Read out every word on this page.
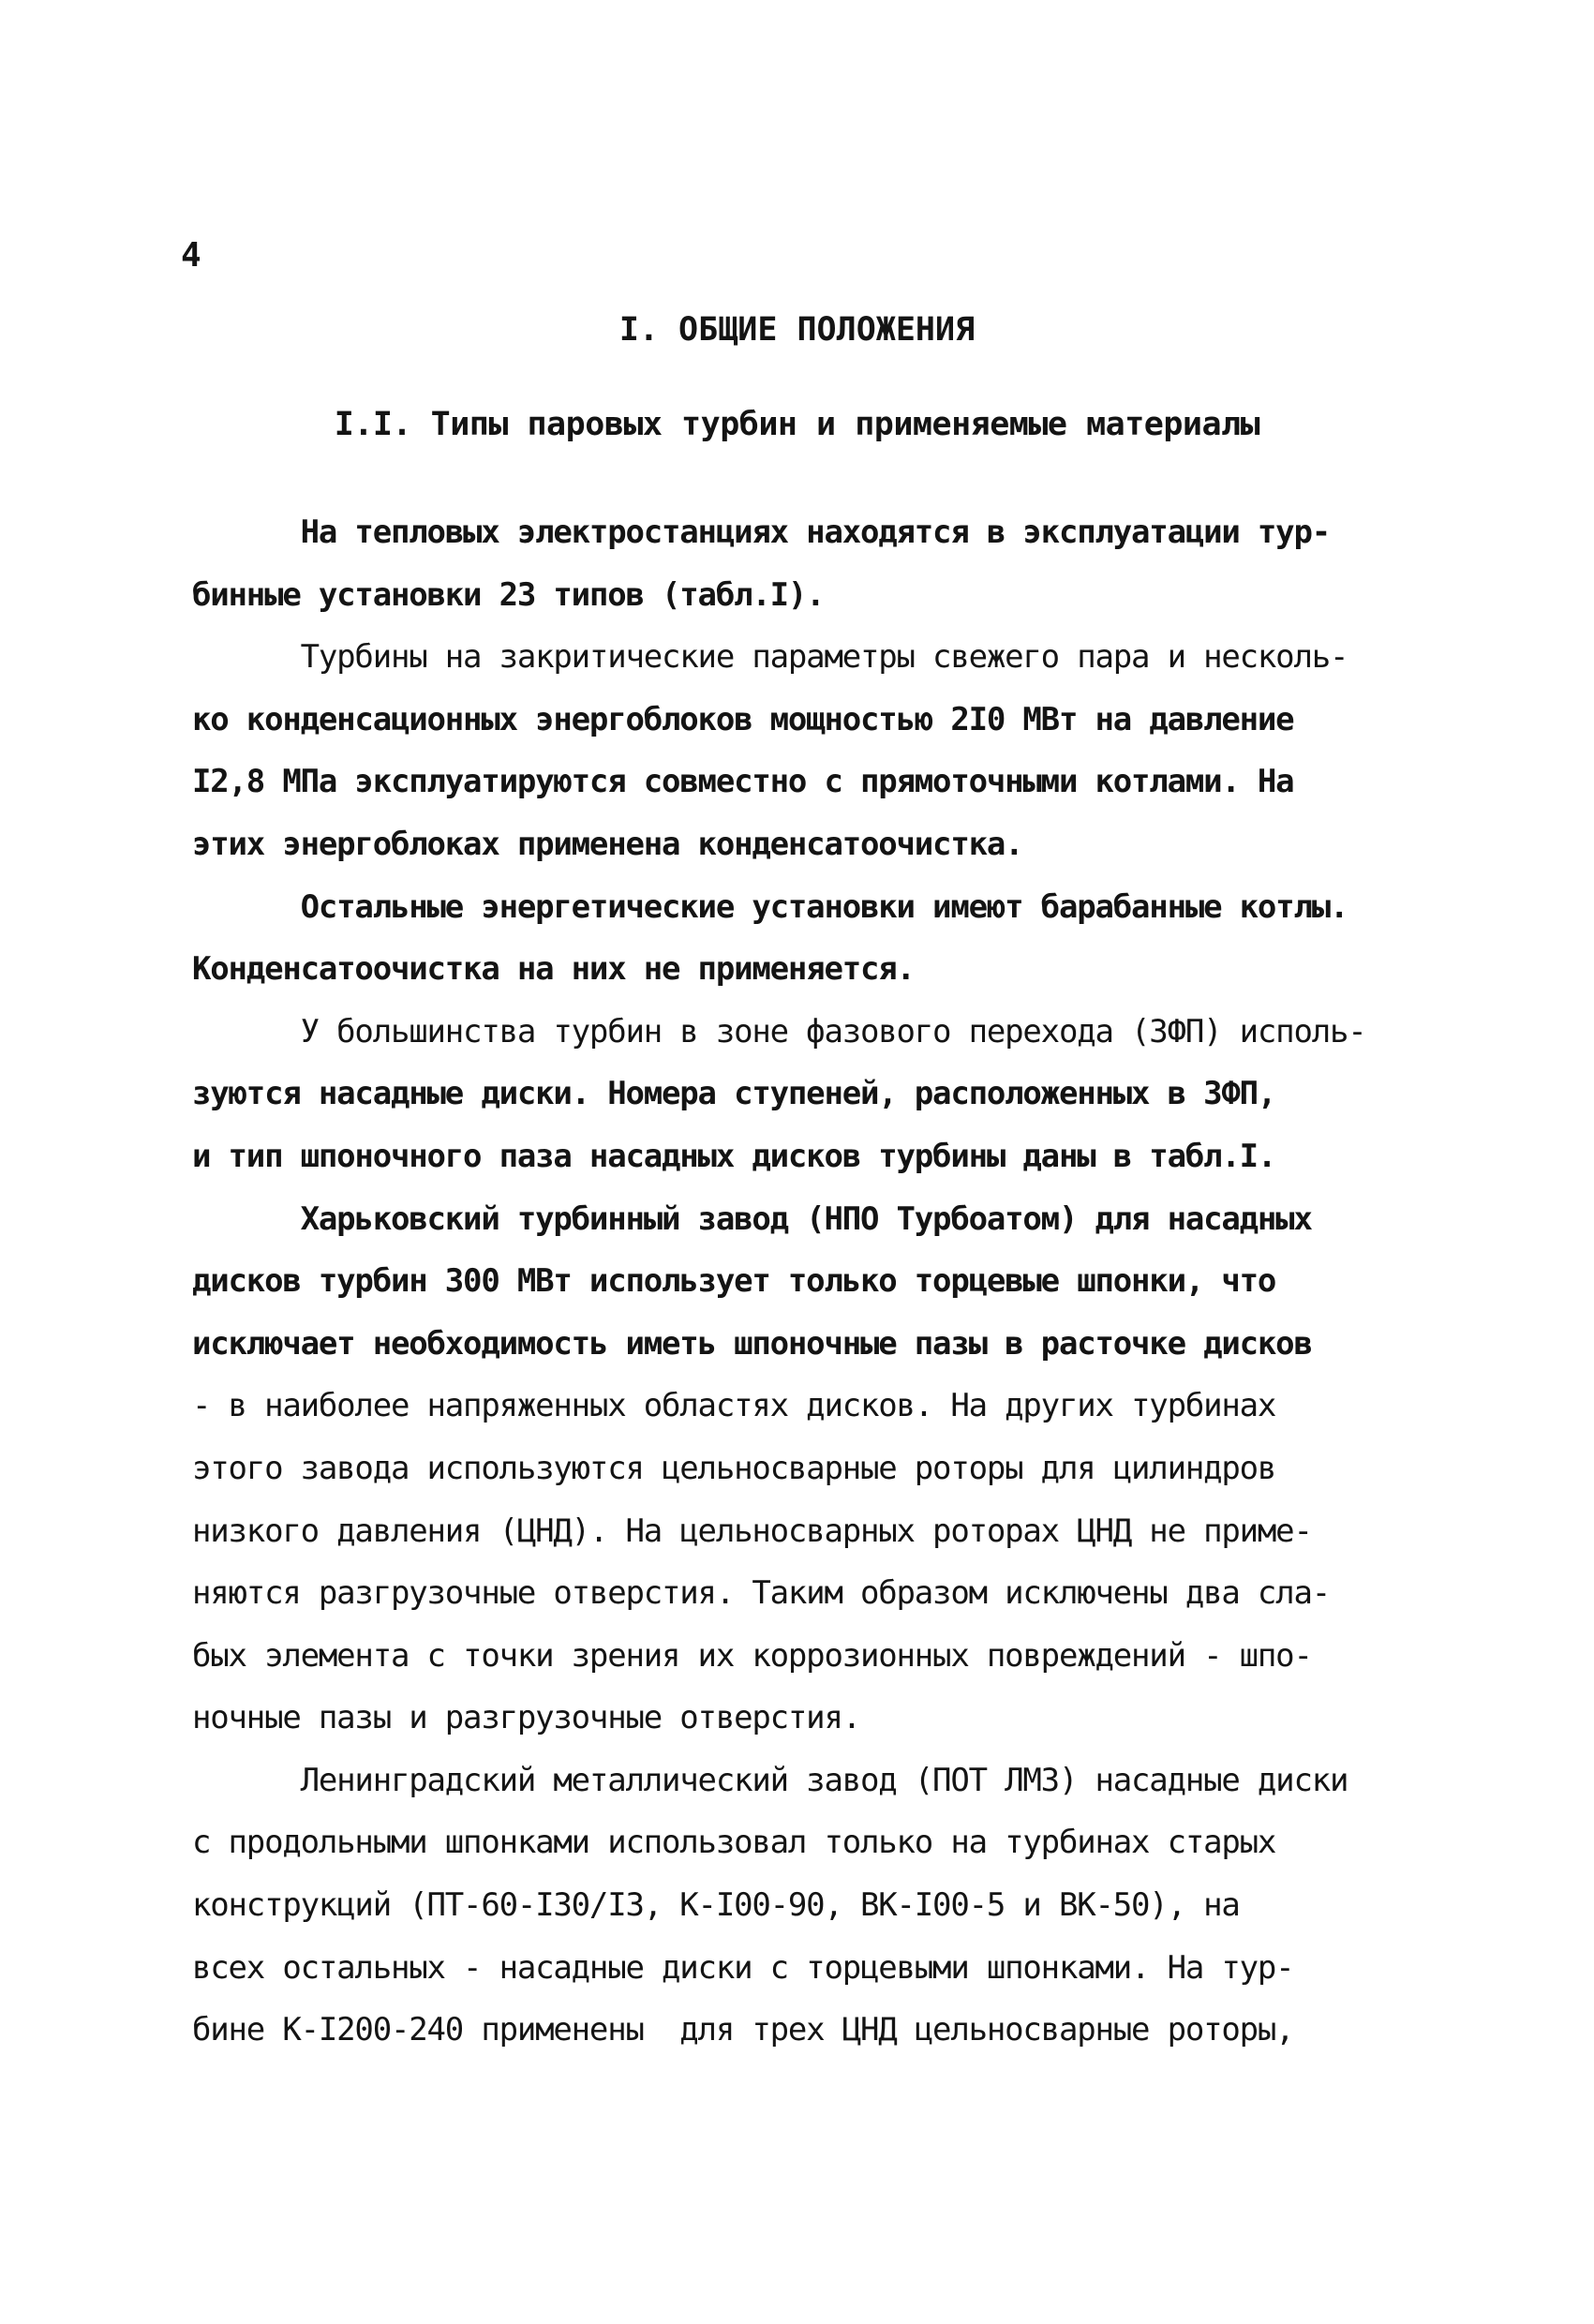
4
I. ОБЩИЕ ПОЛОЖЕНИЯ
I.I. Типы паровых турбин и применяемые материалы
На тепловых электростанциях находятся в эксплуатации тур-
бинные установки 23 типов (табл.I).
Турбины на закритические параметры свежего пара и несколь-
ко конденсационных энергоблоков мощностью 2I0 МВт на давление
I2,8 МПа эксплуатируются совместно с прямоточными котлами. На
этих энергоблоках применена конденсатоочистка.
Остальные энергетические установки имеют барабанные котлы.
Конденсатоочистка на них не применяется.
У большинства турбин в зоне фазового перехода (ЗФП) исполь-
зуются насадные диски. Номера ступеней, расположенных в ЗФП,
и тип шпоночного паза насадных дисков турбины даны в табл.I.
Харьковский турбинный завод (НПО Турбоатом) для насадных
дисков турбин 300 МВт использует только торцевые шпонки, что
исключает необходимость иметь шпоночные пазы в расточке дисков
- в наиболее напряженных областях дисков. На других турбинах
этого завода используются цельносварные роторы для цилиндров
низкого давления (ЦНД). На цельносварных роторах ЦНД не приме-
няются разгрузочные отверстия. Таким образом исключены два сла-
бых элемента с точки зрения их коррозионных повреждений - шпо-
ночные пазы и разгрузочные отверстия.
Ленинградский металлический завод (ПОТ ЛМЗ) насадные диски
с продольными шпонками использовал только на турбинах старых
конструкций (ПТ-60-I30/I3, К-I00-90, ВК-I00-5 и ВК-50), на
всех остальных - насадные диски с торцевыми шпонками. На тур-
бине К-I200-240 применены  для трех ЦНД цельносварные роторы,
